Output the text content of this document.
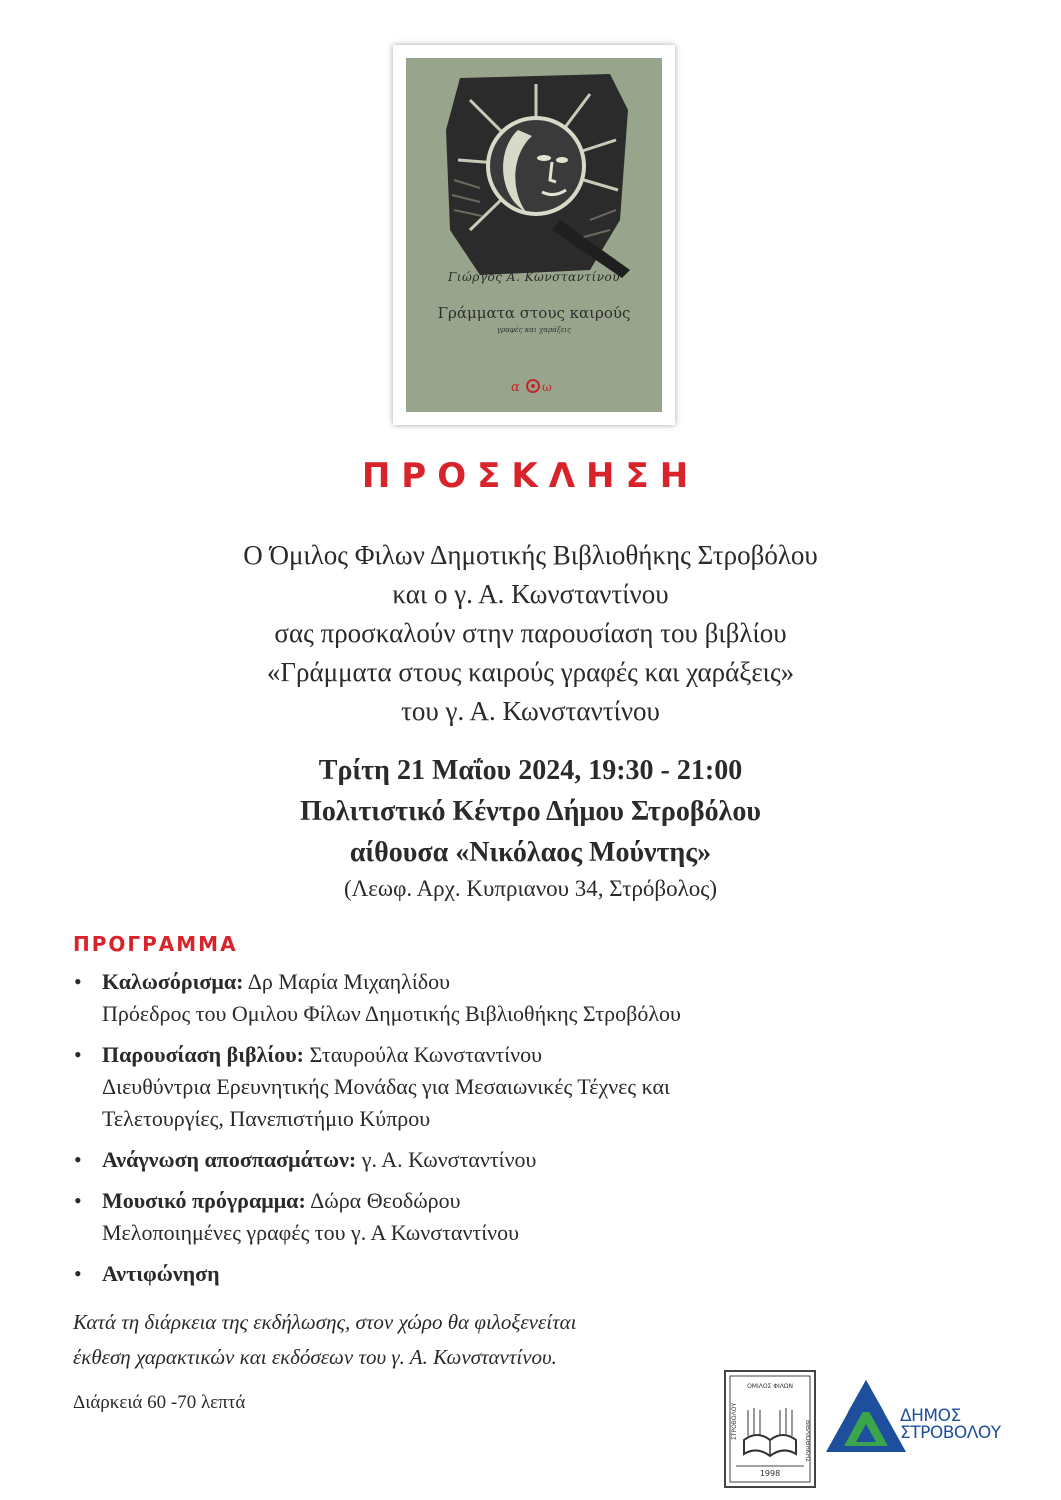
Γιώργος Α. Κωνσταντίνου
Γράμματα στους καιρούς
γραφές και χαράξεις
α ω
ΠΡΟΣΚΛΗΣΗ
Ο Όμιλος Φιλων Δημοτικής Βιβλιοθήκης Στροβόλου
και ο γ. Α. Κωνσταντίνου
σας προσκαλούν στην παρουσίαση του βιβλίου
«Γράμματα στους καιρούς γραφές και χαράξεις»
του γ. Α. Κωνσταντίνου
Τρίτη 21 Μαΐου 2024, 19:30 - 21:00
Πολιτιστικό Κέντρο Δήμου Στροβόλου
αίθουσα «Νικόλαος Μούντης»
(Λεωφ. Αρχ. Κυπριανου 34, Στρόβολος)
ΠΡΟΓΡΑΜΜΑ
• Καλωσόρισμα: Δρ Μαρία Μιχαηλίδου
Πρόεδρος του Ομιλου Φίλων Δημοτικής Βιβλιοθήκης Στροβόλου
• Παρουσίαση βιβλίου: Σταυρούλα Κωνσταντίνου
Διευθύντρια Ερευνητικής Μονάδας για Μεσαιωνικές Τέχνες και
Τελετουργίες, Πανεπιστήμιο Κύπρου
• Ανάγνωση αποσπασμάτων: γ. Α. Κωνσταντίνου
• Μουσικό πρόγραμμα: Δώρα Θεοδώρου
Μελοποιημένες γραφές του γ. Α Κωνσταντίνου
• Αντιφώνηση
Κατά τη διάρκεια της εκδήλωσης, στον χώρο θα φιλοξενείται
έκθεση χαρακτικών και εκδόσεων του γ. Α. Κωνσταντίνου.
Διάρκειά 60 -70 λεπτά
ΟΜΙΛΟΣ ΦΙΛΩΝ
ΣΤΡΟΒΟΛΟΥ	ΒΙΒΛΙΟΘΗΚΗΣ
1998
ΔΗΜΟΣ
ΣΤΡΟΒΟΛΟΥ
